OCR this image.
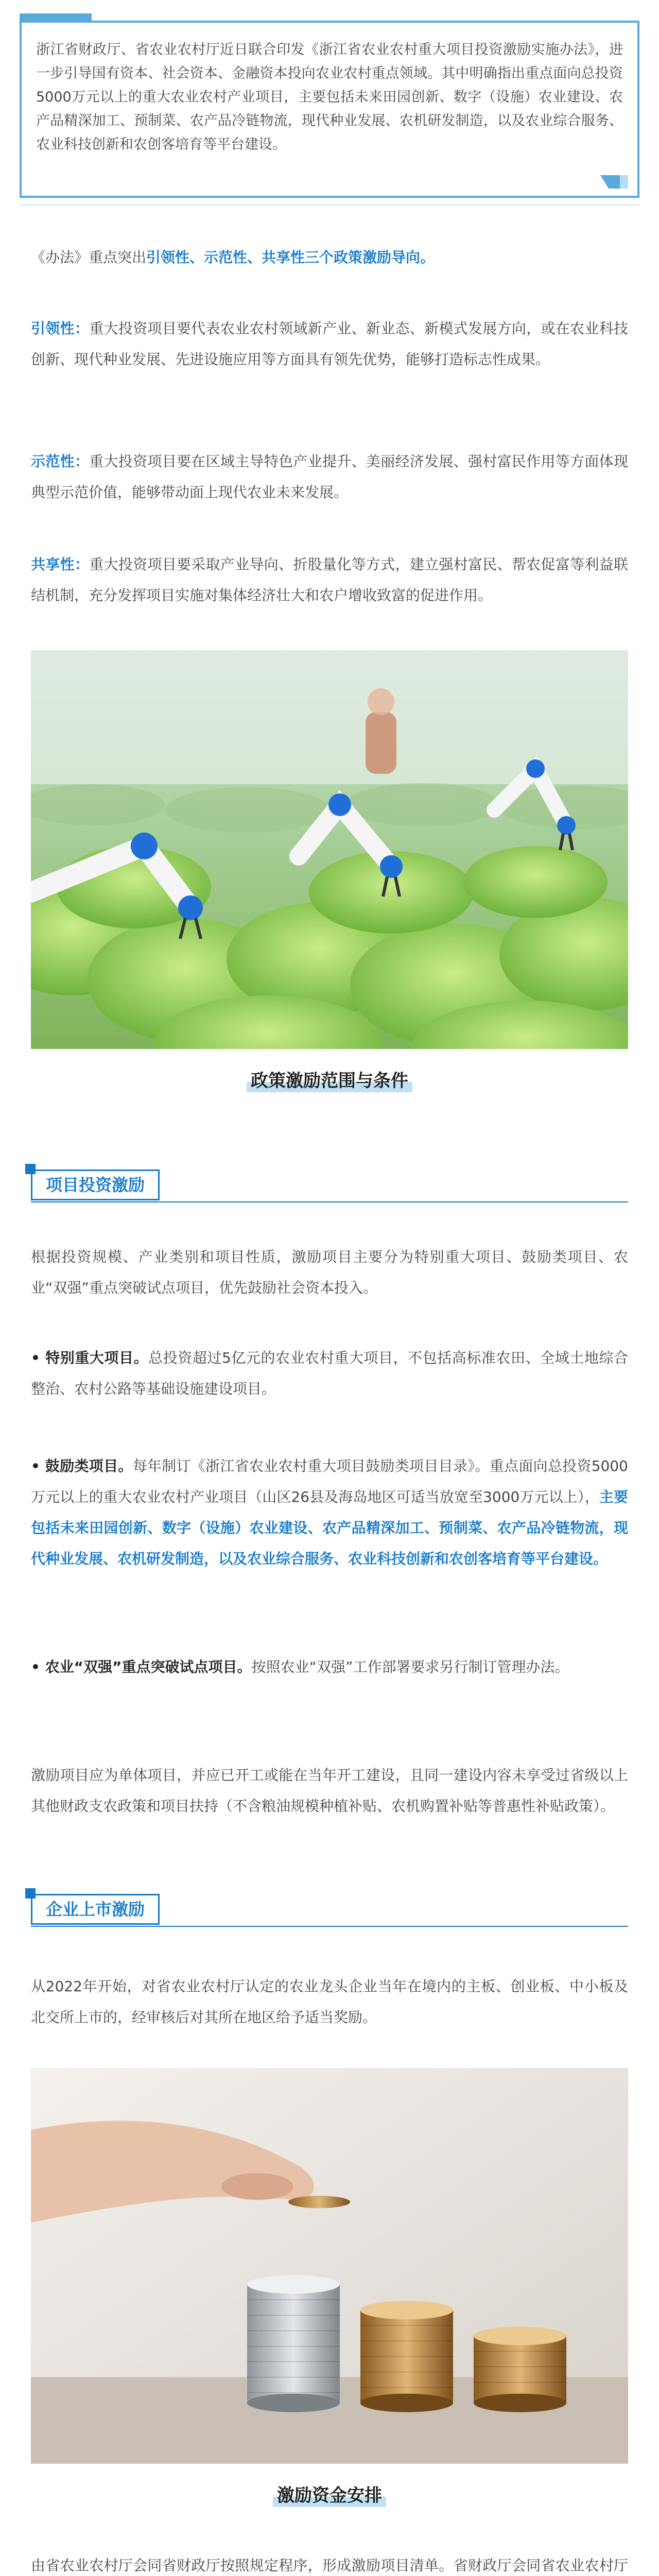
浙江省财政厅、省农业农村厅近日联合印发《浙江省农业农村重大项目投资激励实施办法》，进一步引导国有资本、社会资本、金融资本投向农业农村重点领域。其中明确指出重点面向总投资5000万元以上的重大农业农村产业项目，主要包括未来田园创新、数字（设施）农业建设、农产品精深加工、预制菜、农产品冷链物流，现代种业发展、农机研发制造，以及农业综合服务、农业科技创新和农创客培育等平台建设。

《办法》重点突出引领性、示范性、共享性三个政策激励导向。

引领性：重大投资项目要代表农业农村领域新产业、新业态、新模式发展方向，或在农业科技创新、现代种业发展、先进设施应用等方面具有领先优势，能够打造标志性成果。

示范性：重大投资项目要在区域主导特色产业提升、美丽经济发展、强村富民作用等方面体现典型示范价值，能够带动面上现代农业未来发展。

共享性：重大投资项目要采取产业导向、折股量化等方式，建立强村富民、帮农促富等利益联结机制，充分发挥项目实施对集体经济壮大和农户增收致富的促进作用。

政策激励范围与条件
项目投资激励

根据投资规模、产业类别和项目性质，激励项目主要分为特别重大项目、鼓励类项目、农业“双强”重点突破试点项目，优先鼓励社会资本投入。

• 特别重大项目。总投资超过5亿元的农业农村重大项目，不包括高标准农田、全域土地综合整治、农村公路等基础设施建设项目。

• 鼓励类项目。每年制订《浙江省农业农村重大项目鼓励类项目目录》。重点面向总投资5000万元以上的重大农业农村产业项目（山区26县及海岛地区可适当放宽至3000万元以上），主要包括未来田园创新、数字（设施）农业建设、农产品精深加工、预制菜、农产品冷链物流，现代种业发展、农机研发制造，以及农业综合服务、农业科技创新和农创客培育等平台建设。

• 农业“双强”重点突破试点项目。按照农业“双强”工作部署要求另行制订管理办法。

激励项目应为单体项目，并应已开工或能在当年开工建设，且同一建设内容未享受过省级以上其他财政支农政策和项目扶持（不含粮油规模种植补贴、农机购置补贴等普惠性补贴政策）。

企业上市激励

从2022年开始，对省农业农村厅认定的农业龙头企业当年在境内的主板、创业板、中小板及北交所上市的，经审核后对其所在地区给予适当奖励。

激励资金安排

由省农业农村厅会同省财政厅按照规定程序，形成激励项目清单。省财政厅会同省农业农村厅
